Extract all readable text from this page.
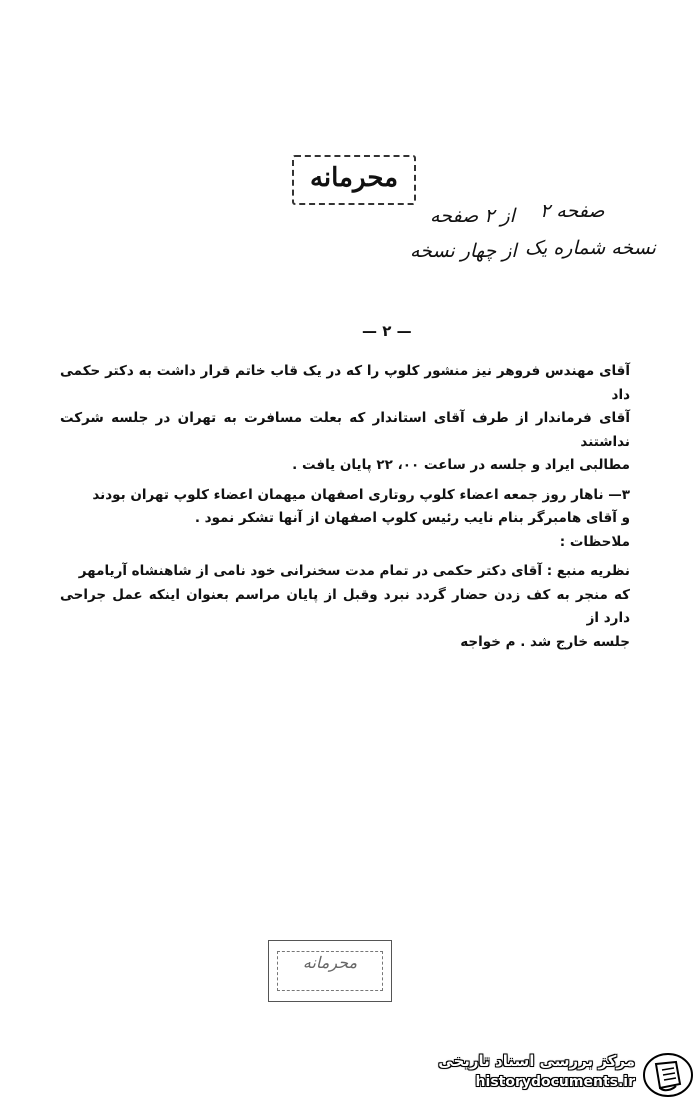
محرمانه
صفحه ۲
از ۲ صفحه
نسخه شماره یک
از چهار نسخه
— ۲ —

آقای مهندس فروهر نیز منشور کلوپ را که در یک قاب خاتم قرار داشت به دکتر حکمی داد

آقای فرماندار از طرف آقای استاندار که بعلت مسافرت به تهران در جلسه شرکت نداشتند

مطالبی ایراد و جلسه در ساعت ۰۰، ۲۲ پایان یافت .

۳— ناهار روز جمعه اعضاء کلوپ روتاری اصفهان میهمان اعضاء کلوپ تهران بودند

و آقای هامبرگر بنام نایب رئیس کلوپ اصفهان از آنها تشکر نمود .

ملاحظات :

نظریه منبع : آقای دکتر حکمی در تمام مدت سخنرانی خود نامی از شاهنشاه آریامهر

که منجر به کف زدن حضار گردد نبرد وقبل از پایان مراسم بعنوان اینکه عمل جراحی دارد از

جلسه خارج شد . م خواجه

محرمانه
مرکز بررسی اسناد تاریخی
historydocuments.ir
